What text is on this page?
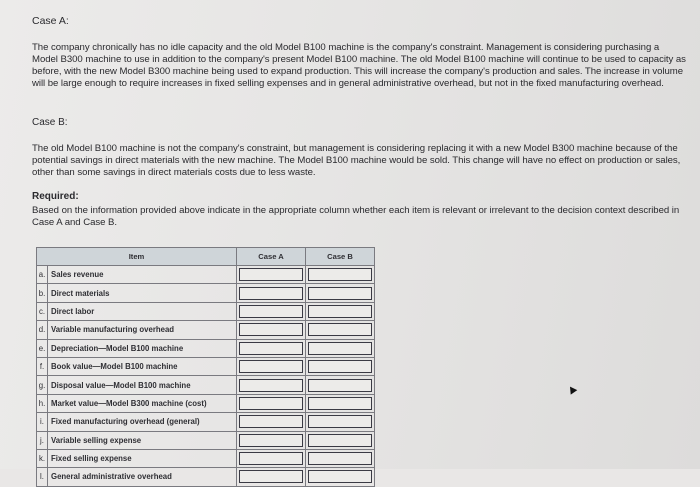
Case A:
The company chronically has no idle capacity and the old Model B100 machine is the company's constraint. Management is considering purchasing a Model B300 machine to use in addition to the company's present Model B100 machine. The old Model B100 machine will continue to be used to capacity as before, with the new Model B300 machine being used to expand production. This will increase the company's production and sales. The increase in volume will be large enough to require increases in fixed selling expenses and in general administrative overhead, but not in the fixed manufacturing overhead.
Case B:
The old Model B100 machine is not the company's constraint, but management is considering replacing it with a new Model B300 machine because of the potential savings in direct materials with the new machine. The Model B100 machine would be sold. This change will have no effect on production or sales, other than some savings in direct materials costs due to less waste.
Required:
Based on the information provided above indicate in the appropriate column whether each item is relevant or irrelevant to the decision context described in Case A and Case B.
Item		Case A	Case B
a.	Sales revenue	

b.	Direct materials	

c.	Direct labor	

d.	Variable manufacturing overhead	

e.	Depreciation—Model B100 machine	

f.	Book value—Model B100 machine	

g.	Disposal value—Model B100 machine	

h.	Market value—Model B300 machine (cost)	

i.	Fixed manufacturing overhead (general)	

j.	Variable selling expense	

k.	Fixed selling expense	

l.	General administrative overhead	
